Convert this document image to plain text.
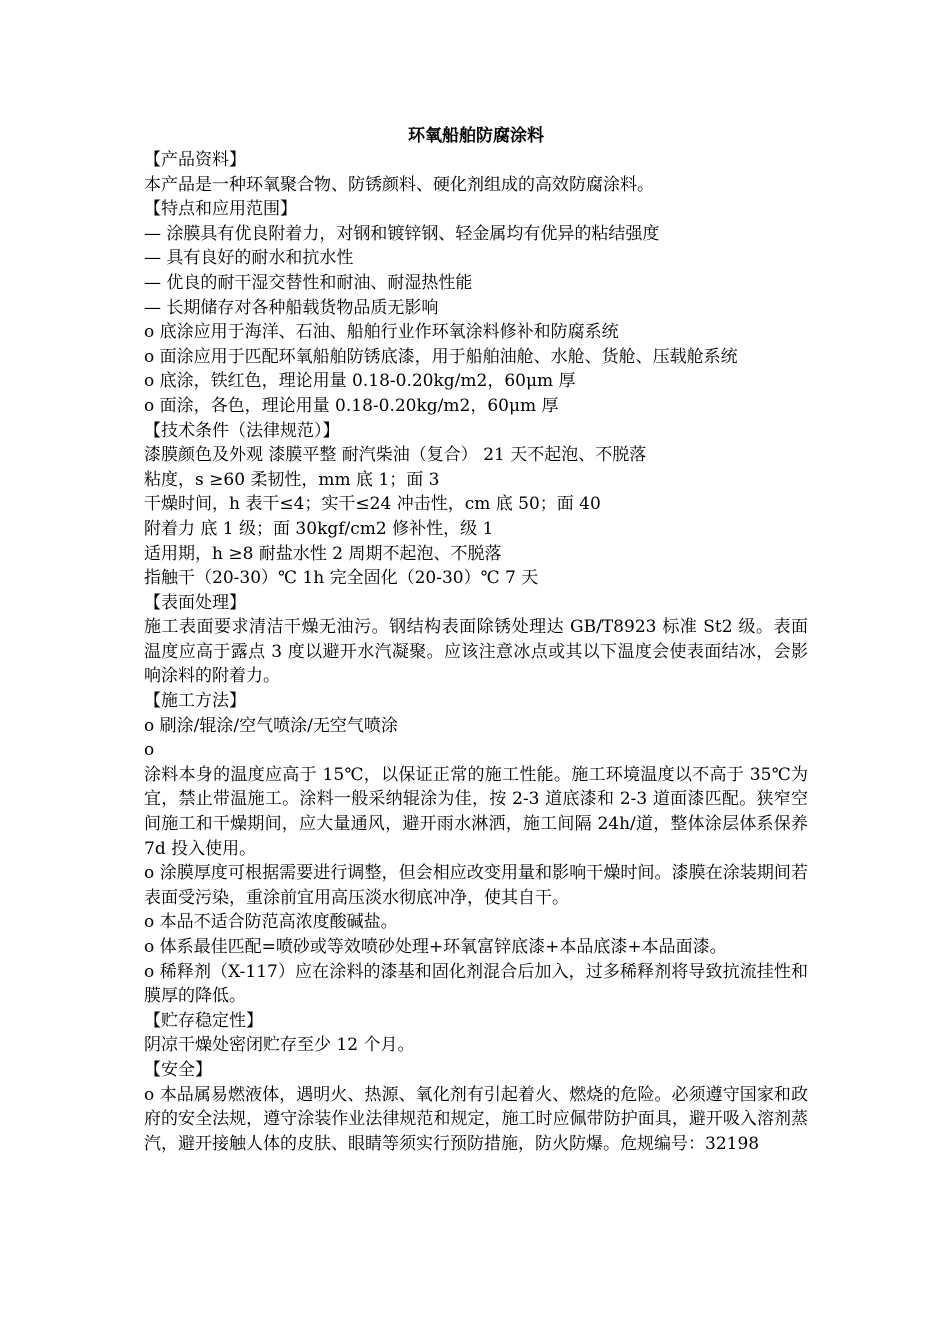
环氧船舶防腐涂料
【产品资料】
本产品是一种环氧聚合物、防锈颜料、硬化剂组成的高效防腐涂料。
【特点和应用范围】
— 涂膜具有优良附着力，对钢和镀锌钢、轻金属均有优异的粘结强度
— 具有良好的耐水和抗水性
— 优良的耐干湿交替性和耐油、耐湿热性能
— 长期储存对各种船载货物品质无影响
o 底涂应用于海洋、石油、船舶行业作环氧涂料修补和防腐系统
o 面涂应用于匹配环氧船舶防锈底漆，用于船舶油舱、水舱、货舱、压载舱系统
o 底涂，铁红色，理论用量 0.18-0.20kg/m2，60μm 厚
o 面涂，各色，理论用量 0.18-0.20kg/m2，60μm 厚
【技术条件（法律规范）】
漆膜颜色及外观 漆膜平整 耐汽柴油（复合） 21 天不起泡、不脱落
粘度，s ≥60 柔韧性，mm 底 1；面 3
干燥时间，h 表干≤4；实干≤24 冲击性，cm 底 50；面 40
附着力 底 1 级；面 30kgf/cm2 修补性，级 1
适用期，h ≥8 耐盐水性 2 周期不起泡、不脱落
指触干（20-30）℃ 1h 完全固化（20-30）℃ 7 天
【表面处理】
施工表面要求清洁干燥无油污。钢结构表面除锈处理达 GB/T8923 标准 St2 级。表面温度应高于露点 3 度以避开水汽凝聚。应该注意冰点或其以下温度会使表面结冰，会影响涂料的附着力。
【施工方法】
o 刷涂/辊涂/空气喷涂/无空气喷涂
o
涂料本身的温度应高于 15℃，以保证正常的施工性能。施工环境温度以不高于 35℃为宜，禁止带温施工。涂料一般采纳辊涂为佳，按 2-3 道底漆和 2-3 道面漆匹配。狭窄空间施工和干燥期间，应大量通风，避开雨水淋洒，施工间隔 24h/道，整体涂层体系保养 7d 投入使用。
o 涂膜厚度可根据需要进行调整，但会相应改变用量和影响干燥时间。漆膜在涂装期间若表面受污染，重涂前宜用高压淡水彻底冲净，使其自干。
o 本品不适合防范高浓度酸碱盐。
o 体系最佳匹配=喷砂或等效喷砂处理+环氧富锌底漆+本品底漆+本品面漆。
o 稀释剂（X-117）应在涂料的漆基和固化剂混合后加入，过多稀释剂将导致抗流挂性和膜厚的降低。
【贮存稳定性】
阴凉干燥处密闭贮存至少 12 个月。
【安全】
o 本品属易燃液体，遇明火、热源、氧化剂有引起着火、燃烧的危险。必须遵守国家和政府的安全法规，遵守涂装作业法律规范和规定，施工时应佩带防护面具，避开吸入溶剂蒸汽，避开接触人体的皮肤、眼睛等须实行预防措施，防火防爆。危规编号：32198
